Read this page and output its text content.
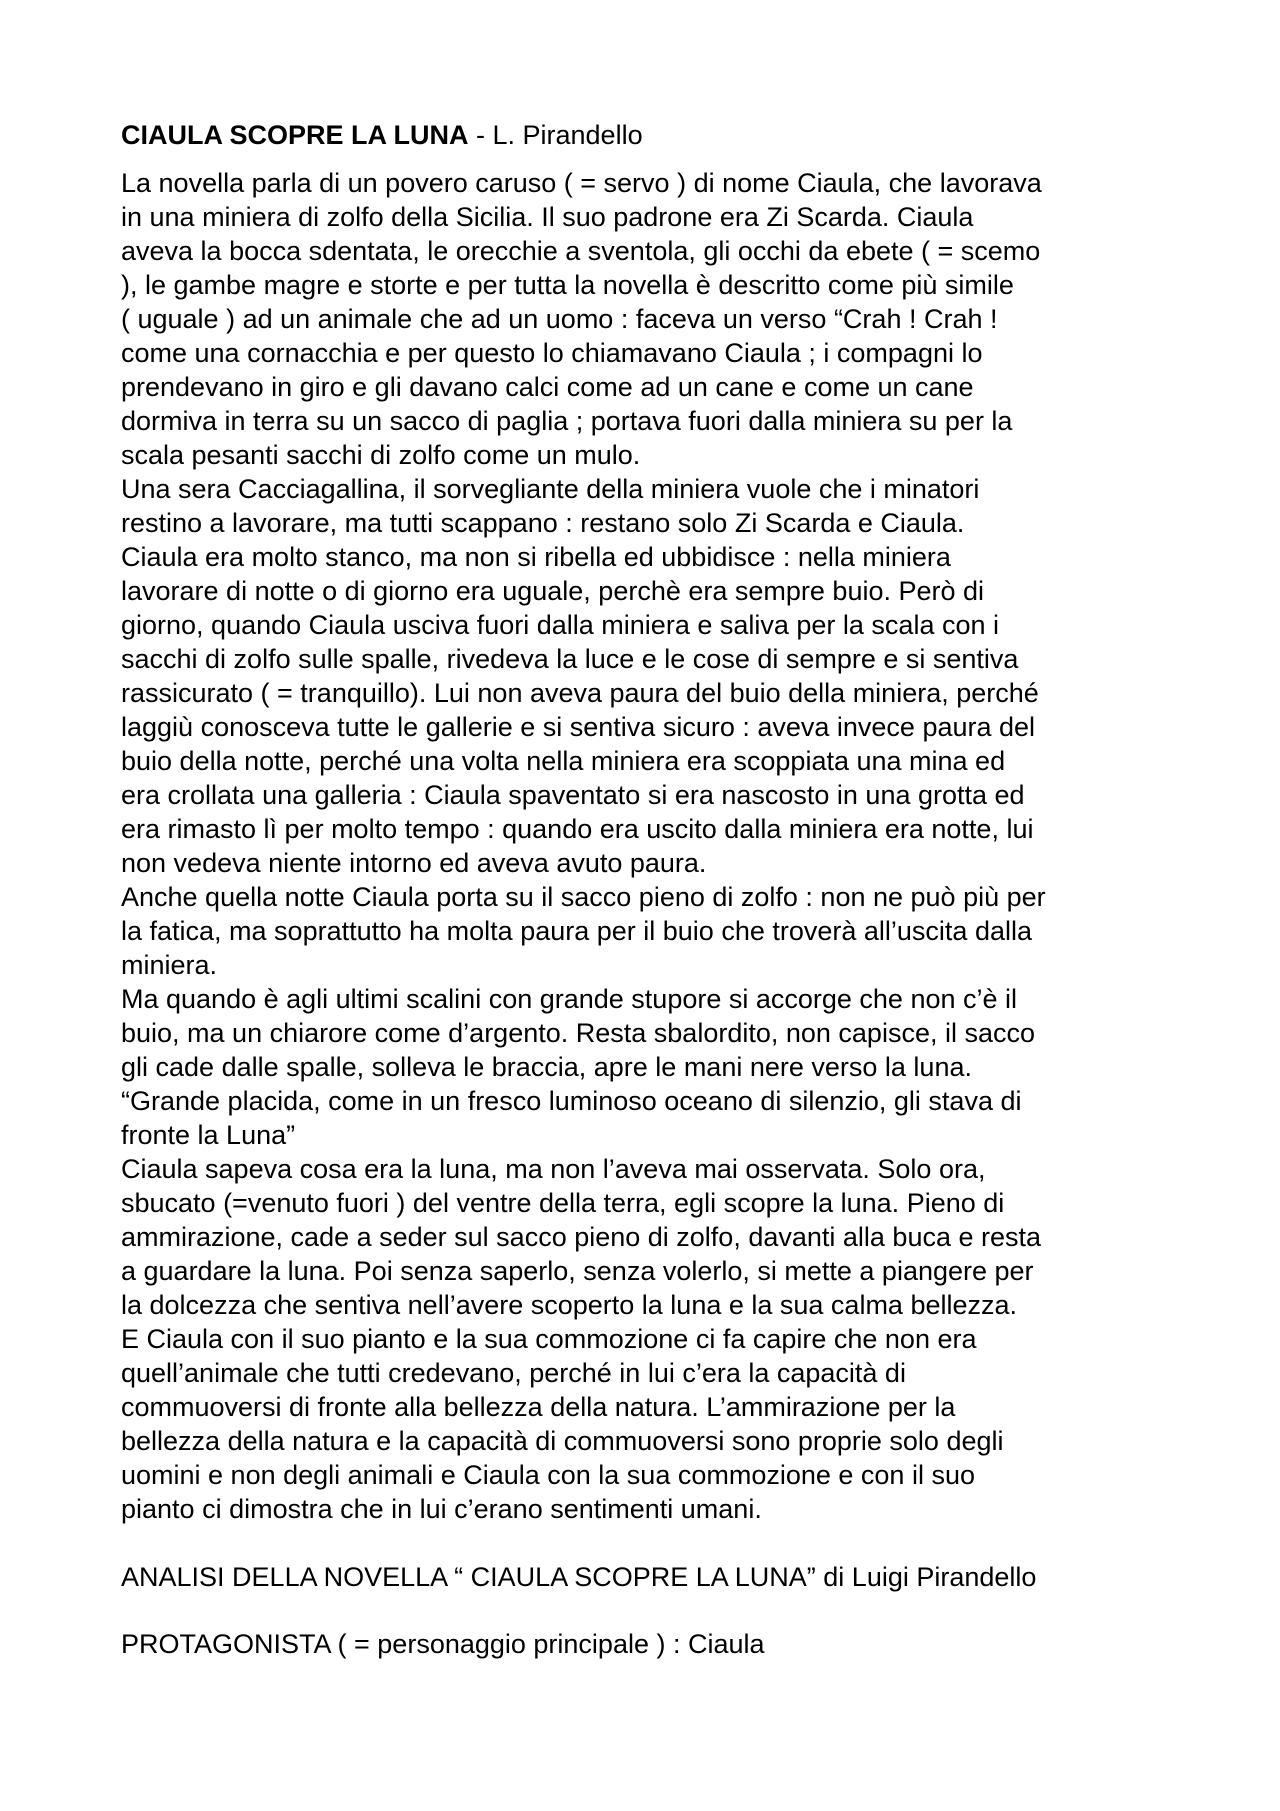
CIAULA SCOPRE LA LUNA - L. Pirandello
La novella parla di un povero caruso ( = servo ) di nome Ciaula, che lavorava
in una miniera di zolfo della Sicilia. Il suo padrone era Zi Scarda. Ciaula
aveva la bocca sdentata, le orecchie a sventola, gli occhi da ebete ( = scemo
), le gambe magre e storte e per tutta la novella è descritto come più simile
( uguale ) ad un animale che ad un uomo : faceva un verso “Crah ! Crah !
come una cornacchia e per questo lo chiamavano Ciaula ; i compagni lo
prendevano in giro e gli davano calci come ad un cane e come un cane
dormiva in terra su un sacco di paglia ; portava fuori dalla miniera su per la
scala pesanti sacchi di zolfo come un mulo.
Una sera Cacciagallina, il sorvegliante della miniera vuole che i minatori
restino a lavorare, ma tutti scappano : restano solo Zi Scarda e Ciaula.
Ciaula era molto stanco, ma non si ribella ed ubbidisce : nella miniera
lavorare di notte o di giorno era uguale, perchè era sempre buio. Però di
giorno, quando Ciaula usciva fuori dalla miniera e saliva per la scala con i
sacchi di zolfo sulle spalle, rivedeva la luce e le cose di sempre e si sentiva
rassicurato ( = tranquillo). Lui non aveva paura del buio della miniera, perché
laggiù conosceva tutte le gallerie e si sentiva sicuro : aveva invece paura del
buio della notte, perché una volta nella miniera era scoppiata una mina ed
era crollata una galleria : Ciaula spaventato si era nascosto in una grotta ed
era rimasto lì per molto tempo : quando era uscito dalla miniera era notte, lui
non vedeva niente intorno ed aveva avuto paura.
Anche quella notte Ciaula porta su il sacco pieno di zolfo : non ne può più per
la fatica, ma soprattutto ha molta paura per il buio che troverà all’uscita dalla
miniera.
Ma quando è agli ultimi scalini con grande stupore si accorge che non c’è il
buio, ma un chiarore come d’argento. Resta sbalordito, non capisce, il sacco
gli cade dalle spalle, solleva le braccia, apre le mani nere verso la luna.
“Grande placida, come in un fresco luminoso oceano di silenzio, gli stava di
fronte la Luna”
Ciaula sapeva cosa era la luna, ma non l’aveva mai osservata. Solo ora,
sbucato (=venuto fuori ) del ventre della terra, egli scopre la luna. Pieno di
ammirazione, cade a seder sul sacco pieno di zolfo, davanti alla buca e resta
a guardare la luna. Poi senza saperlo, senza volerlo, si mette a piangere per
la dolcezza che sentiva nell’avere scoperto la luna e la sua calma bellezza.
E Ciaula con il suo pianto e la sua commozione ci fa capire che non era
quell’animale che tutti credevano, perché in lui c’era la capacità di
commuoversi di fronte alla bellezza della natura. L’ammirazione per la
bellezza della natura e la capacità di commuoversi sono proprie solo degli
uomini e non degli animali e Ciaula con la sua commozione e con il suo
pianto ci dimostra che in lui c’erano sentimenti umani.
ANALISI DELLA NOVELLA “ CIAULA SCOPRE LA LUNA” di Luigi Pirandello
PROTAGONISTA ( = personaggio principale ) : Ciaula
